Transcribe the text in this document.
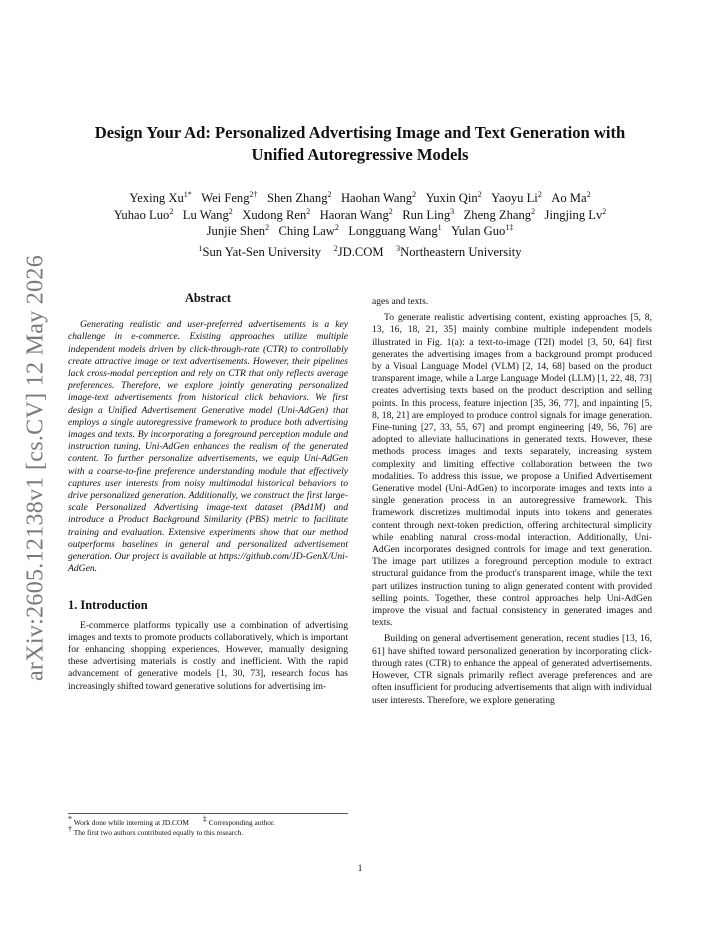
arXiv:2605.12138v1 [cs.CV] 12 May 2026
Design Your Ad: Personalized Advertising Image and Text Generation with
Unified Autoregressive Models
Yexing $Xu^{1*}$ Wei Feng$^{2\dagger}$ Shen Zhang$^2$ Haohan Wang$^2$ Yuxin Qin$^2$ Yaoyu Li$^2$ Ao Ma$^2$
Yuhao Luo$^2$ Lu Wang$^2$ Xudong Ren$^2$ Haoran Wang$^2$ Run Ling$^3$ Zheng Zhang$^2$ Jingjing Lv$^2$
Junjie Shen$^2$ Ching Law$^2$ Longguang Wang$^1$ Yulan Guo$^{1\ddagger}$
$^1$Sun Yat-Sen University $^2$JD.COM $^3$Northeastern University
Abstract

Generating realistic and user-preferred advertisements is a key challenge in e-commerce. Existing approaches utilize multiple independent models driven by click-through-rate (CTR) to controllably create attractive image or text advertisements. However, their pipelines lack cross-modal perception and rely on CTR that only reflects average preferences. Therefore, we explore jointly generating personalized image-text advertisements from historical click behaviors. We first design a Unified Advertisement Generative model (Uni-AdGen) that employs a single autoregressive framework to produce both advertising images and texts. By incorporating a foreground perception module and instruction tuning, Uni-AdGen enhances the realism of the generated content. To further personalize advertisements, we equip Uni-AdGen with a coarse-to-fine preference understanding module that effectively captures user interests from noisy multimodal historical behaviors to drive personalized generation. Additionally, we construct the first large-scale Personalized Advertising image-text dataset (PAd1M) and introduce a Product Background Similarity (PBS) metric to facilitate training and evaluation. Extensive experiments show that our method outperforms baselines in general and personalized advertisement generation. Our project is available at https://github.com/JD-GenX/Uni-AdGen.

1. Introduction

E-commerce platforms typically use a combination of advertising images and texts to promote products collaboratively, which is important for enhancing shopping experiences. However, manually designing these advertising materials is costly and inefficient. With the rapid advancement of generative models [1, 30, 73], research focus has increasingly shifted toward generative solutions for advertising im-

ages and texts.

To generate realistic advertising content, existing approaches [5, 8, 13, 16, 18, 21, 35] mainly combine multiple independent models illustrated in Fig. 1(a): a text-to-image (T2I) model [3, 50, 64] first generates the advertising images from a background prompt produced by a Visual Language Model (VLM) [2, 14, 68] based on the product transparent image, while a Large Language Model (LLM) [1, 22, 48, 73] creates advertising texts based on the product description and selling points. In this process, feature injection [35, 36, 77], and inpainting [5, 8, 18, 21] are employed to produce control signals for image generation. Fine-tuning [27, 33, 55, 67] and prompt engineering [49, 56, 76] are adopted to alleviate hallucinations in generated texts. However, these methods process images and texts separately, increasing system complexity and limiting effective collaboration between the two modalities. To address this issue, we propose a Unified Advertisement Generative model (Uni-AdGen) to incorporate images and texts into a single generation process in an autoregressive framework. This framework discretizes multimodal inputs into tokens and generates content through next-token prediction, offering architectural simplicity while enabling natural cross-modal interaction. Additionally, Uni-AdGen incorporates designed controls for image and text generation. The image part utilizes a foreground perception module to extract structural guidance from the product's transparent image, while the text part utilizes instruction tuning to align generated content with provided selling points. Together, these control approaches help Uni-AdGen improve the visual and factual consistency in generated images and texts.

Building on general advertisement generation, recent studies [13, 16, 61] have shifted toward personalized generation by incorporating click-through rates (CTR) to enhance the appeal of generated advertisements. However, CTR signals primarily reflect average preferences and are often insufficient for producing advertisements that align with individual user interests. Therefore, we explore generating

* Work done while interning at JD.COM ‡ Corresponding author.
† The first two authors contributed equally to this research.
1
